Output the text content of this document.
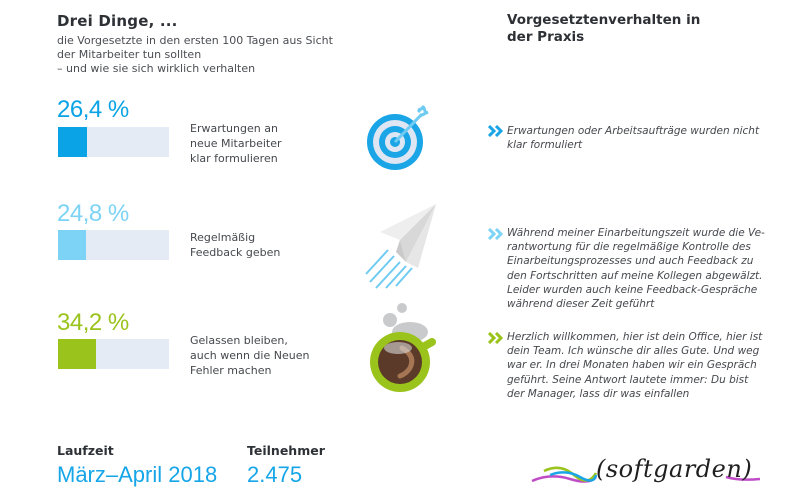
Drei Dinge, ...
die Vorgesetzte in den ersten 100 Tagen aus Sicht
der Mitarbeiter tun sollten
– und wie sie sich wirklich verhalten
Vorgesetztenverhalten in
der Praxis
26,4 %
Erwartungen an
neue Mitarbeiter
klar formulieren
Erwartungen oder Arbeitsaufträge wurden nicht
klar formuliert
24,8 %
Regelmäßig
Feedback geben
Während meiner Einarbeitungszeit wurde die Ve-
rantwortung für die regelmäßige Kontrolle des
Einarbeitungsprozesses und auch Feedback zu
den Fortschritten auf meine Kollegen abgewälzt.
Leider wurden auch keine Feedback-Gespräche
während dieser Zeit geführt
34,2 %
Gelassen bleiben,
auch wenn die Neuen
Fehler machen
Herzlich willkommen, hier ist dein Office, hier ist
dein Team. Ich wünsche dir alles Gute. Und weg
war er. In drei Monaten haben wir ein Gespräch
geführt. Seine Antwort lautete immer: Du bist
der Manager, lass dir was einfallen
Laufzeit
März–April 2018
Teilnehmer
2.475	(softgarden)
